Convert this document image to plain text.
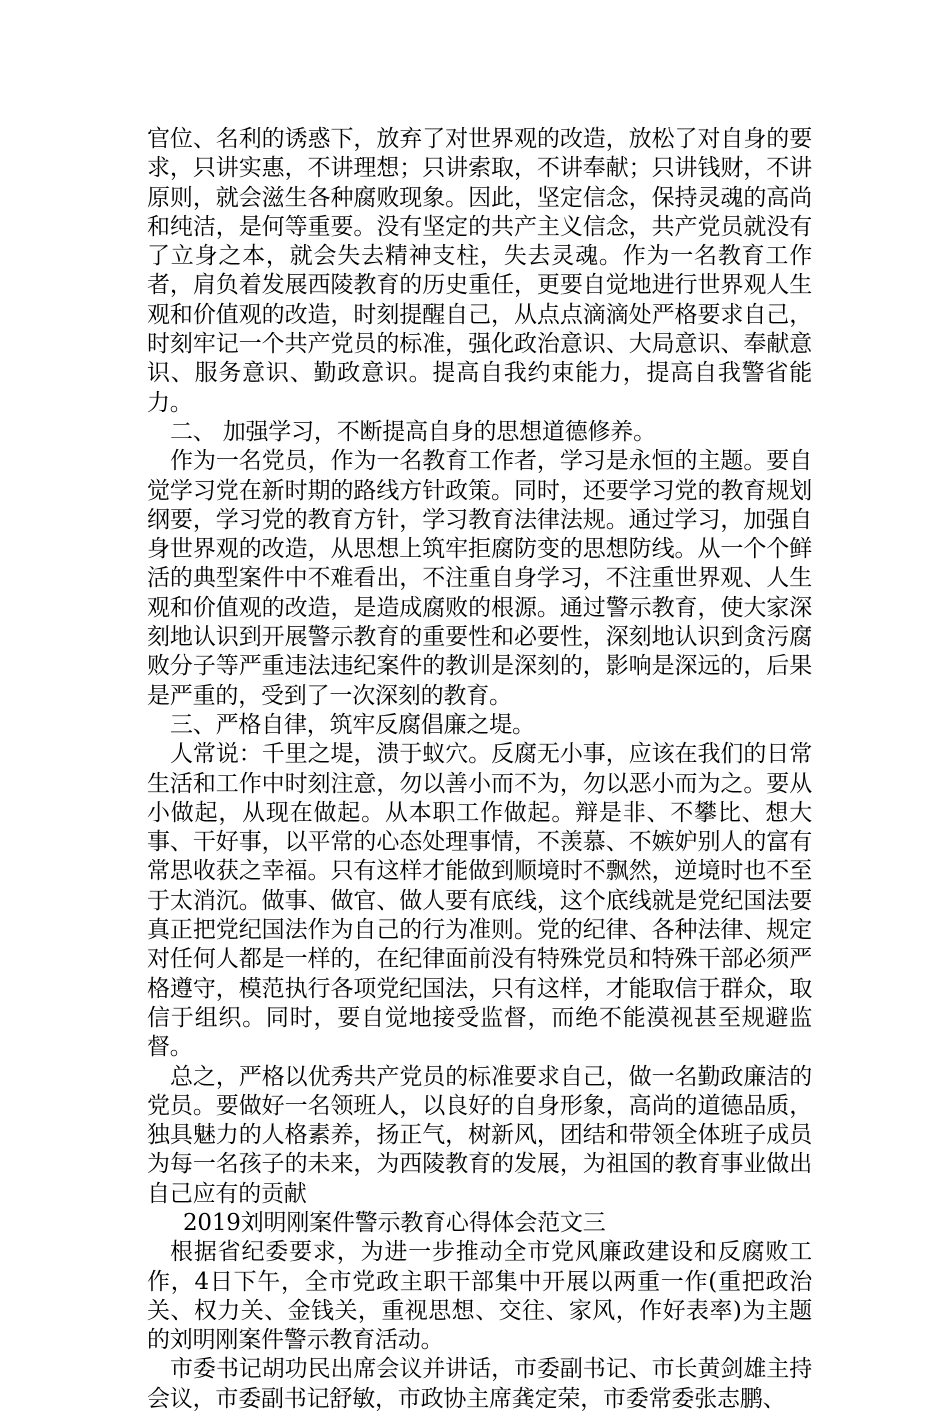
官位、名利的诱惑下，放弃了对世界观的改造，放松了对自身的要求，只讲实惠，不讲理想；只讲索取，不讲奉献；只讲钱财，不讲原则，就会滋生各种腐败现象。因此，坚定信念，保持灵魂的高尚和纯洁，是何等重要。没有坚定的共产主义信念，共产党员就没有了立身之本，就会失去精神支柱，失去灵魂。作为一名教育工作者，肩负着发展西陵教育的历史重任，更要自觉地进行世界观人生观和价值观的改造，时刻提醒自己，从点点滴滴处严格要求自己，时刻牢记一个共产党员的标准，强化政治意识、大局意识、奉献意识、服务意识、勤政意识。提高自我约束能力，提高自我警省能力。

二、 加强学习，不断提高自身的思想道德修养。

作为一名党员，作为一名教育工作者，学习是永恒的主题。要自觉学习党在新时期的路线方针政策。同时，还要学习党的教育规划纲要，学习党的教育方针，学习教育法律法规。通过学习，加强自身世界观的改造，从思想上筑牢拒腐防变的思想防线。从一个个鲜活的典型案件中不难看出，不注重自身学习，不注重世界观、人生观和价值观的改造，是造成腐败的根源。通过警示教育，使大家深刻地认识到开展警示教育的重要性和必要性，深刻地认识到贪污腐败分子等严重违法违纪案件的教训是深刻的，影响是深远的，后果是严重的，受到了一次深刻的教育。

三、严格自律，筑牢反腐倡廉之堤。

人常说：千里之堤，溃于蚁穴。反腐无小事，应该在我们的日常生活和工作中时刻注意，勿以善小而不为，勿以恶小而为之。要从小做起，从现在做起。从本职工作做起。辩是非、不攀比、想大事、干好事，以平常的心态处理事情，不羡慕、不嫉妒别人的富有常思收获之幸福。只有这样才能做到顺境时不飘然，逆境时也不至于太消沉。做事、做官、做人要有底线，这个底线就是党纪国法要真正把党纪国法作为自己的行为准则。党的纪律、各种法律、规定对任何人都是一样的，在纪律面前没有特殊党员和特殊干部必须严格遵守，模范执行各项党纪国法，只有这样，才能取信于群众，取信于组织。同时，要自觉地接受监督，而绝不能漠视甚至规避监督。

总之，严格以优秀共产党员的标准要求自己，做一名勤政廉洁的党员。要做好一名领班人，以良好的自身形象，高尚的道德品质，独具魅力的人格素养，扬正气，树新风，团结和带领全体班子成员为每一名孩子的未来，为西陵教育的发展，为祖国的教育事业做出自己应有的贡献

2019刘明刚案件警示教育心得体会范文三

根据省纪委要求，为进一步推动全市党风廉政建设和反腐败工作，4日下午，全市党政主职干部集中开展以两重一作(重把政治关、权力关、金钱关，重视思想、交往、家风，作好表率)为主题的刘明刚案件警示教育活动。

市委书记胡功民出席会议并讲话，市委副书记、市长黄剑雄主持会议，市委副书记舒敏，市政协主席龚定荣，市委常委张志鹏、
